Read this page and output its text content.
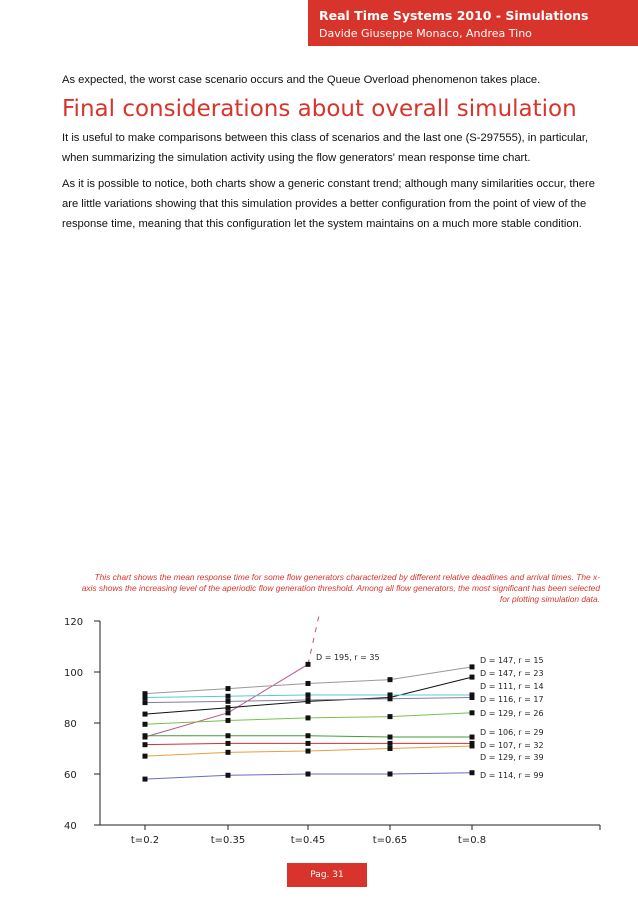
Real Time Systems 2010 - Simulations
Davide Giuseppe Monaco, Andrea Tino

As expected, the worst case scenario occurs and the Queue Overload phenomenon takes place.

Final considerations about overall simulation

It is useful to make comparisons between this class of scenarios and the last one (S-297555), in particular, when summarizing the simulation activity using the flow generators' mean response time chart.

As it is possible to notice, both charts show a generic constant trend; although many similarities occur, there are little variations showing that this simulation provides a better configuration from the point of view of the response time, meaning that this configuration let the system maintains on a much more stable condition.

This chart shows the mean response time for some flow generators characterized by different relative deadlines and arrival times. The x-axis shows the increasing level of the aperiodic flow generation threshold. Among all flow generators, the most significant has been selected for plotting simulation data.

40
60
80
100
120
t=0.2	t=0.35	t=0.45	t=0.65	t=0.8
D = 195, r = 35	D = 147, r = 15
D = 147, r = 23
D = 111, r = 14
D = 116, r = 17
D = 129, r = 26
D = 106, r = 29
D = 107, r = 32
D = 129, r = 39
D = 114, r = 99
Pag. 31
